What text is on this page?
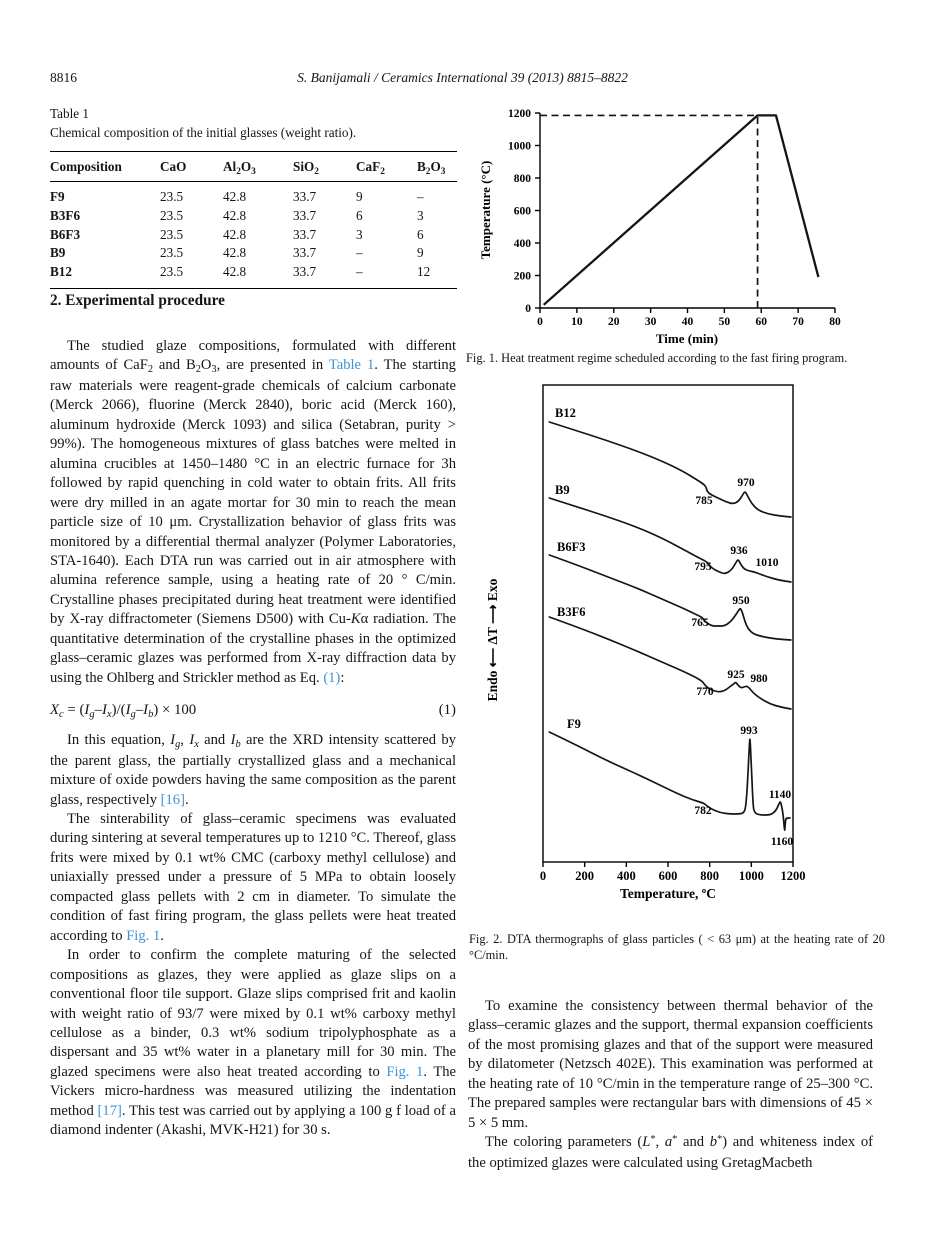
8816	S. Banijamali / Ceramics International 39 (2013) 8815–8822
Table 1
Chemical composition of the initial glasses (weight ratio).
Composition	CaO	Al2O3	SiO2	CaF2	B2O3
F9	23.5	42.8	33.7	9	–
B3F6	23.5	42.8	33.7	6	3
B6F3	23.5	42.8	33.7	3	6
B9	23.5	42.8	33.7	–	9
B12	23.5	42.8	33.7	–	12
2. Experimental procedure

The studied glaze compositions, formulated with different amounts of CaF2 and B2O3, are presented in Table 1. The starting raw materials were reagent-grade chemicals of calcium carbonate (Merck 2066), fluorine (Merck 2840), boric acid (Merck 160), aluminum hydroxide (Merck 1093) and silica (Setabran, purity > 99%). The homogeneous mixtures of glass batches were melted in alumina crucibles at 1450–1480 °C in an electric furnace for 3h followed by rapid quenching in cold water to obtain frits. All frits were dry milled in an agate mortar for 30 min to reach the mean particle size of 10 μm. Crystallization behavior of glass frits was monitored by a differential thermal analyzer (Polymer Laboratories, STA-1640). Each DTA run was carried out in air atmosphere with alumina reference sample, using a heating rate of 20 ° C/min. Crystalline phases precipitated during heat treatment were identified by X-ray diffractometer (Siemens D500) with Cu-Kα radiation. The quantitative determination of the crystalline phases in the optimized glass–ceramic glazes was performed from X-ray diffraction data by using the Ohlberg and Strickler method as Eq. (1):

Xc = (Ig–Ix)/(Ig–Ib) × 100	(1)

In this equation, Ig, Ix and Ib are the XRD intensity scattered by the parent glass, the partially crystallized glass and a mechanical mixture of oxide powders having the same composition as the parent glass, respectively [16].

The sinterability of glass–ceramic specimens was evaluated during sintering at several temperatures up to 1210 °C. Thereof, glass frits were mixed by 0.1 wt% CMC (carboxy methyl cellulose) and uniaxially pressed under a pressure of 5 MPa to obtain loosely compacted glass pellets with 2 cm in diameter. To simulate the condition of fast firing program, the glass pellets were heat treated according to Fig. 1.

In order to confirm the complete maturing of the selected compositions as glazes, they were applied as glaze slips on a conventional floor tile support. Glaze slips comprised frit and kaolin with weight ratio of 93/7 were mixed by 0.1 wt% carboxy methyl cellulose as a binder, 0.3 wt% sodium tripolyphosphate as a dispersant and 35 wt% water in a planetary mill for 30 min. The glazed specimens were also heat treated according to Fig. 1. The Vickers micro-hardness was measured utilizing the indentation method [17]. This test was carried out by applying a 100 g f load of a diamond indenter (Akashi, MVK-H21) for 30 s.

0 10 20 30 40 50 60 70 80
0
200
400
600
800
1000
1200
Time (min)
Temperature (°C)
Fig. 1. Heat treatment regime scheduled according to the fast firing program.
0 200 400 600 800 1000 1200
Temperature, ºC
Endo ⟵ ΔT ⟶ Exo
B12
785
970
B9
795
936
1010
B6F3
765
950
B3F6
770
925 980
F9
782
993
1140
1160
Fig. 2. DTA thermographs of glass particles ( < 63 μm) at the heating rate of 20 °C/min.

To examine the consistency between thermal behavior of the glass–ceramic glazes and the support, thermal expansion coefficients of the most promising glazes and that of the support were measured by dilatometer (Netzsch 402E). This examination was performed at the heating rate of 10 °C/min in the temperature range of 25–300 °C. The prepared samples were rectangular bars with dimensions of 45 × 5 × 5 mm.

The coloring parameters (L*, a* and b*) and whiteness index of the optimized glazes were calculated using GretagMacbeth
